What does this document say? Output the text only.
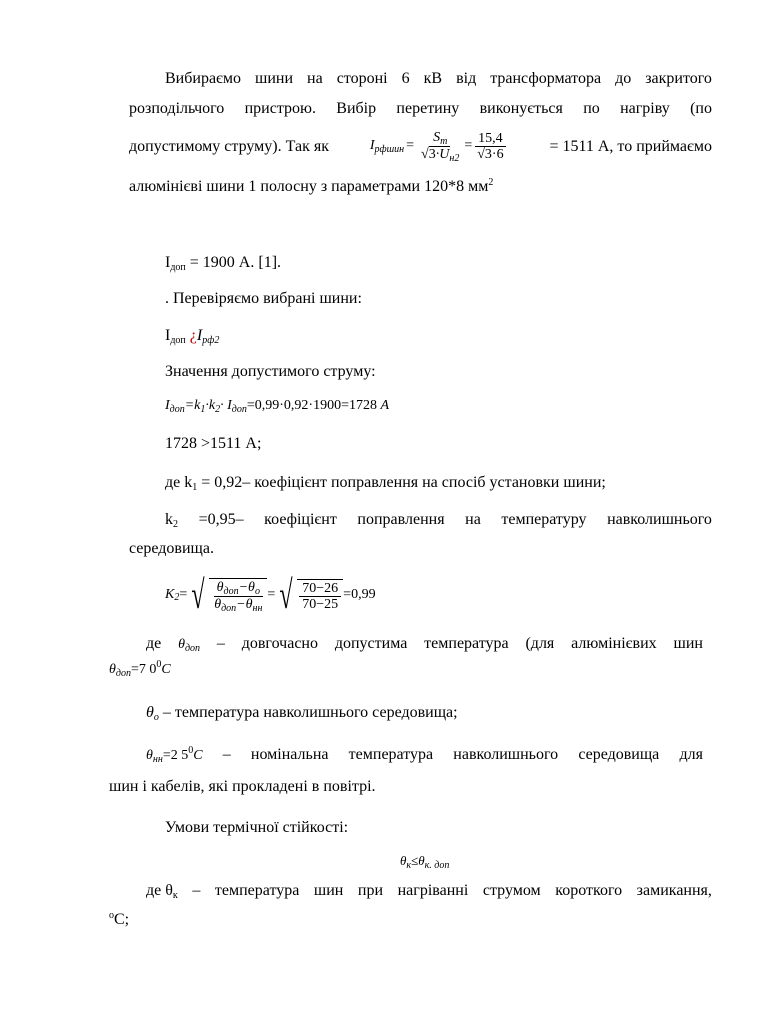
Вибираємо шини на стороні 6 кВ від трансформатора до закритого
розподільчого пристрою. Вибір перетину виконується по нагріву (по
допустимому струму). Так як	I рфшин = $\frac{S_т}{√3\cdot U_{н2}} = \frac{15,4}{√3\cdot 6}$	= 1511 А, то приймаємо
алюмінієві шини 1 полосну з параметрами 120*8 $мм^2$
Iдоп = 1900 А. [1].
. Перевіряємо вибрані шини:
Iдоп ¿Iрф2
Значення допустимого струму:
$I_{доп}=k_1\cdot k_2\cdot I_{доп}=0,99\cdot 0,92\cdot 1900=1728$ A
1728 >1511 А;
де k1 = 0,92– коефіцієнт поправлення на спосіб установки шини;
k2 =0,95– коефіцієнт поправлення на температуру навколишнього
середовища.
K 2 = √ $\frac{\theta_{доп}-\theta_о}{\theta_{доп}-\theta_{нн}}$ = √ $\frac{70-26}{70-25} =0,99$
де $\theta_{доп}$ – довгочасно допустима температура (для алюмінієвих шин
$\theta_{доп}=7$ $0^0C$
θо – температура навколишнього середовища;
$\theta_{нн}=2$ $5^0C$ – номінальна температура навколишнього середовища для
шин і кабелів, які прокладені в повітрі.
Умови термічної стійкості:
$\theta_к\le\theta_{к. доп}$
де θк – температура шин при нагріванні струмом короткого замикання,
$^о$С;
